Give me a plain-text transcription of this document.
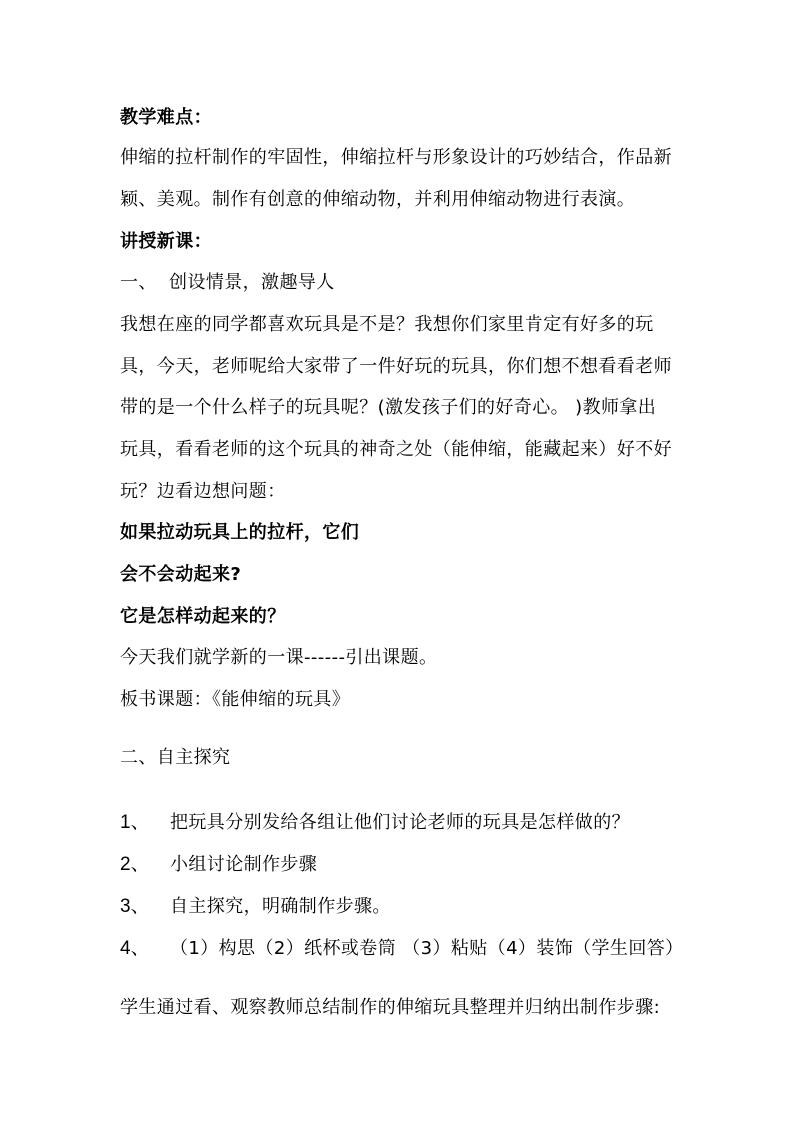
教学难点：
伸缩的拉杆制作的牢固性，伸缩拉杆与形象设计的巧妙结合，作品新
颖、美观。制作有创意的伸缩动物，并利用伸缩动物进行表演。
讲授新课：
一、  创设情景，激趣导人
我想在座的同学都喜欢玩具是不是？我想你们家里肯定有好多的玩
具，今天，老师呢给大家带了一件好玩的玩具，你们想不想看看老师
带的是一个什么样子的玩具呢？(激发孩子们的好奇心。 )教师拿出
玩具，看看老师的这个玩具的神奇之处（能伸缩，能藏起来）好不好
玩？边看边想问题：
如果拉动玩具上的拉杆，它们
会不会动起来?
它是怎样动起来的？
今天我们就学新的一课------引出课题。
板书课题：《能伸缩的玩具》
二、自主探究
1、 把玩具分别发给各组让他们讨论老师的玩具是怎样做的？
2、 小组讨论制作步骤
3、 自主探究，明确制作步骤。
4、 （1）构思（2）纸杯或卷筒 （3）粘贴（4）装饰（学生回答）
学生通过看、观察教师总结制作的伸缩玩具整理并归纳出制作步骤:
